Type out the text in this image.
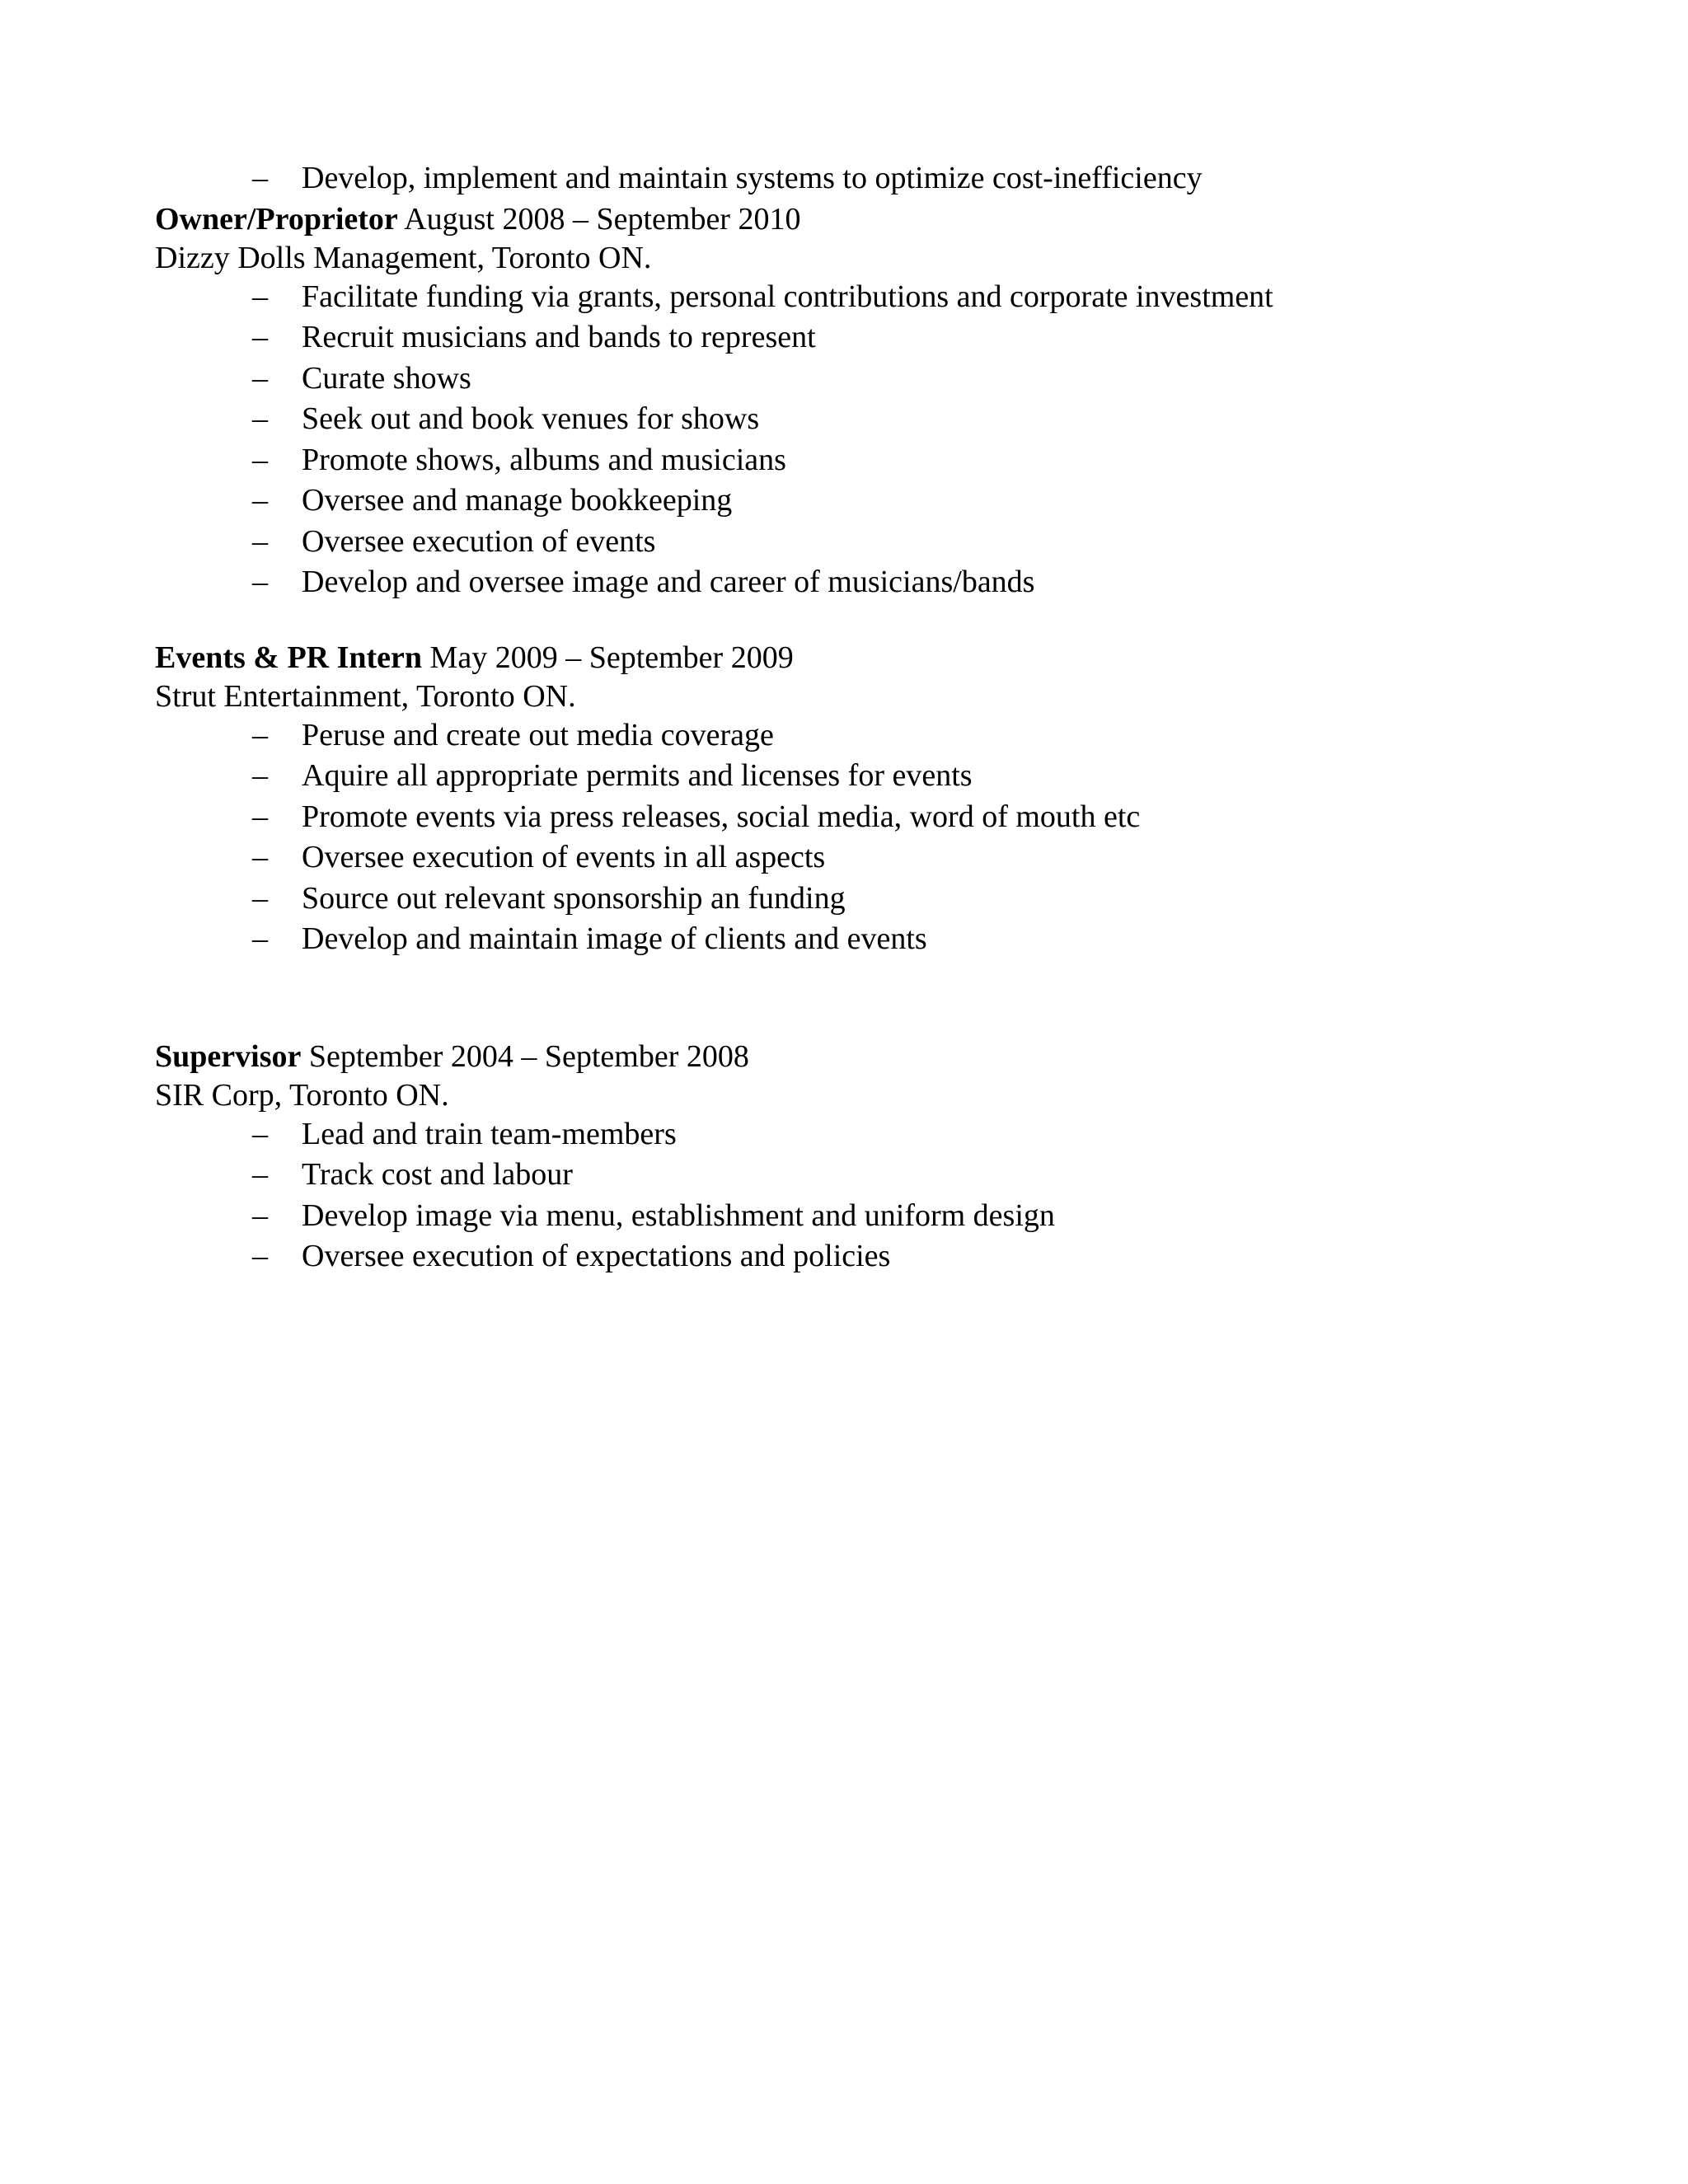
– Develop, implement and maintain systems to optimize cost-inefficiency
Owner/Proprietor August 2008 – September 2010
Dizzy Dolls Management, Toronto ON.
– Facilitate funding via grants, personal contributions and corporate investment
– Recruit musicians and bands to represent
– Curate shows
– Seek out and book venues for shows
– Promote shows, albums and musicians
– Oversee and manage bookkeeping
– Oversee execution of events
– Develop and oversee image and career of musicians/bands
Events & PR Intern May 2009 – September 2009
Strut Entertainment, Toronto ON.
– Peruse and create out media coverage
– Aquire all appropriate permits and licenses for events
– Promote events via press releases, social media, word of mouth etc
– Oversee execution of events in all aspects
– Source out relevant sponsorship an funding
– Develop and maintain image of clients and events
Supervisor September 2004 – September 2008
SIR Corp, Toronto ON.
– Lead and train team-members
– Track cost and labour
– Develop image via menu, establishment and uniform design
– Oversee execution of expectations and policies
